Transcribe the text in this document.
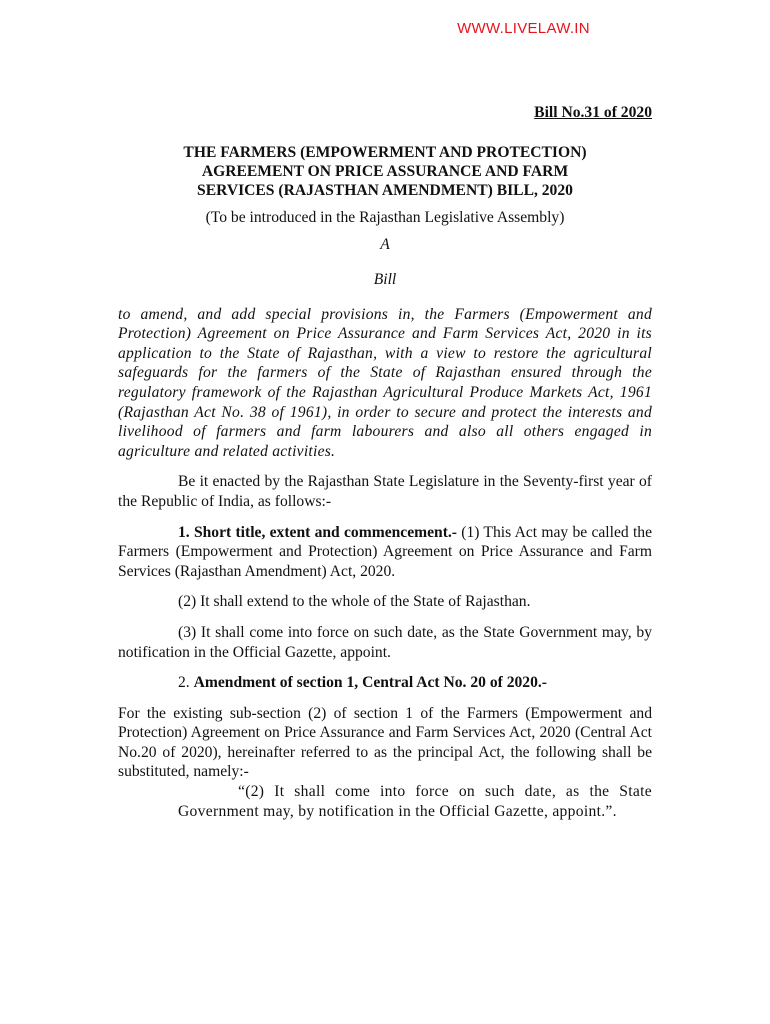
WWW.LIVELAW.IN

Bill No.31 of 2020

THE FARMERS (EMPOWERMENT AND PROTECTION)
AGREEMENT ON PRICE ASSURANCE AND FARM
SERVICES (RAJASTHAN AMENDMENT) BILL, 2020

(To be introduced in the Rajasthan Legislative Assembly)

A

Bill

to amend, and add special provisions in, the Farmers (Empowerment and Protection) Agreement on Price Assurance and Farm Services Act, 2020 in its application to the State of Rajasthan, with a view to restore the agricultural safeguards for the farmers of the State of Rajasthan ensured through the regulatory framework of the Rajasthan Agricultural Produce Markets Act, 1961 (Rajasthan Act No. 38 of 1961), in order to secure and protect the interests and livelihood of farmers and farm labourers and also all others engaged in agriculture and related activities.

Be it enacted by the Rajasthan State Legislature in the Seventy-first year of the Republic of India, as follows:-

1. Short title, extent and commencement.- (1) This Act may be called the Farmers (Empowerment and Protection) Agreement on Price Assurance and Farm Services (Rajasthan Amendment) Act, 2020.

(2) It shall extend to the whole of the State of Rajasthan.

(3) It shall come into force on such date, as the State Government may, by notification in the Official Gazette, appoint.

2. Amendment of section 1, Central Act No. 20 of 2020.-

For the existing sub-section (2) of section 1 of the Farmers (Empowerment and Protection) Agreement on Price Assurance and Farm Services Act, 2020 (Central Act No.20 of 2020), hereinafter referred to as the principal Act, the following shall be substituted, namely:-

“(2) It shall come into force on such date, as the State Government may, by notification in the Official Gazette, appoint.”.
